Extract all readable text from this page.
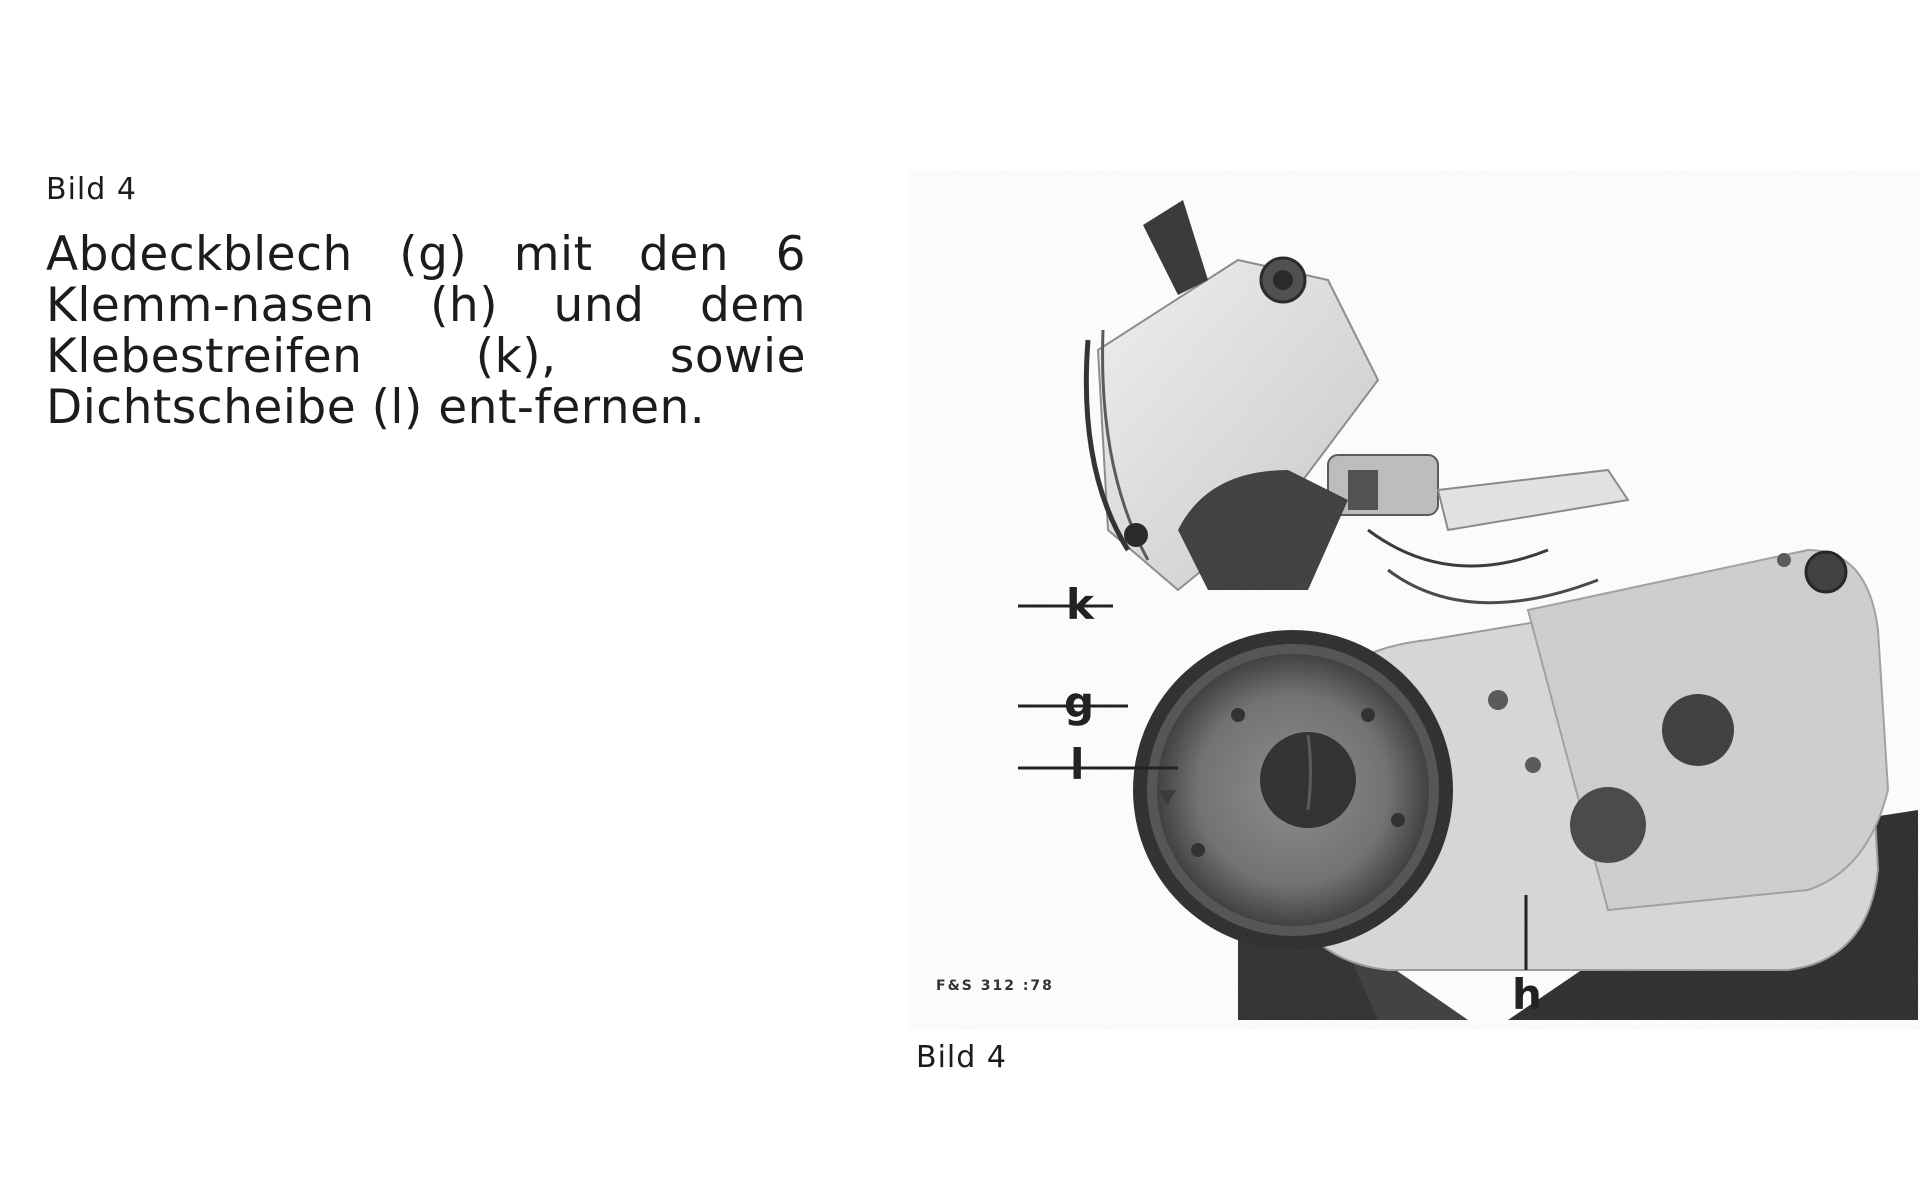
Bild 4

Abdeckblech (g) mit den 6 Klemm-nasen (h) und dem Klebestreifen (k), sowie Dichtscheibe (l) ent-fernen.

k
g
l
h
F&S 312 :78
Bild 4
